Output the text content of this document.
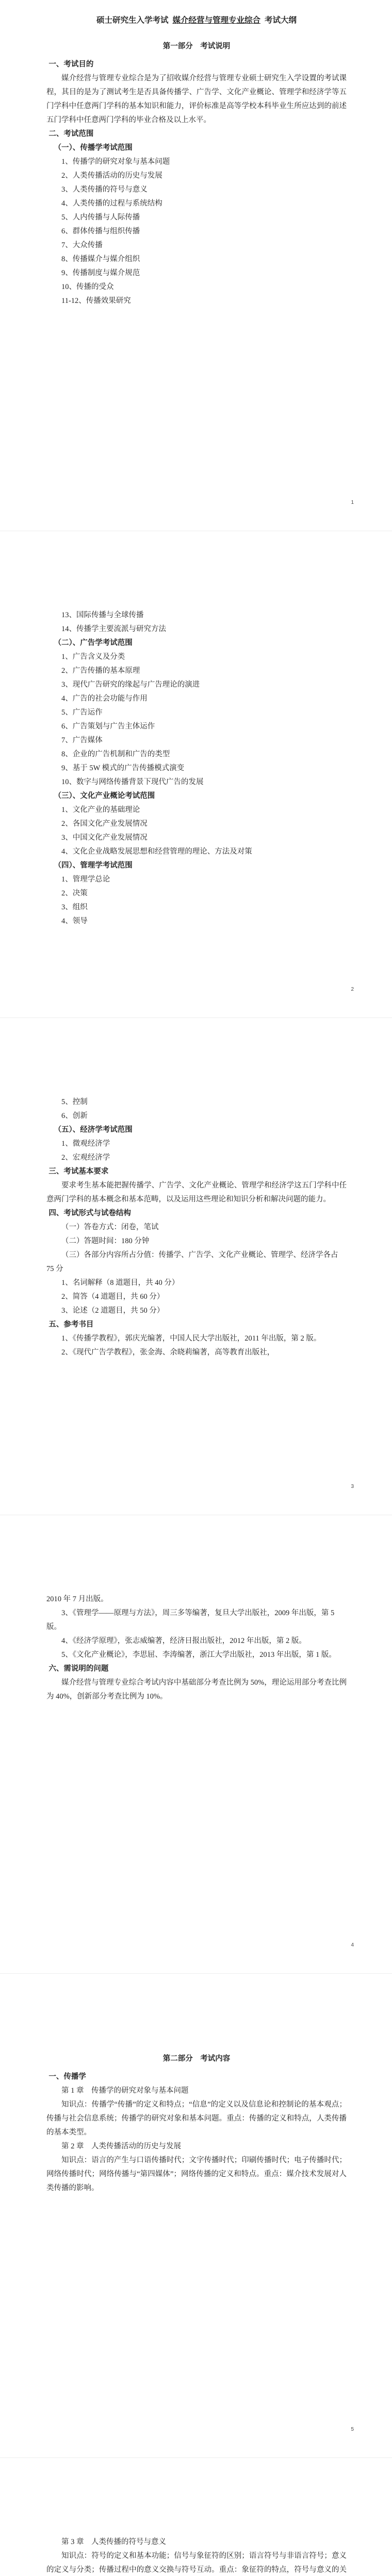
硕士研究生入学考试 媒介经营与管理专业综合 考试大纲
第一部分　考试说明
一、考试目的

媒介经营与管理专业综合是为了招收媒介经营与管理专业硕士研究生入学设置的考试课程，其目的是为了测试考生是否具备传播学、广告学、文化产业概论、管理学和经济学等五门学科中任意两门学科的基本知识和能力，评价标准是高等学校本科毕业生所应达到的前述五门学科中任意两门学科的毕业合格及以上水平。

二、考试范围
（一）、传播学考试范围
1、传播学的研究对象与基本问题
2、人类传播活动的历史与发展
3、人类传播的符号与意义
4、人类传播的过程与系统结构
5、人内传播与人际传播
6、群体传播与组织传播
7、大众传播
8、传播媒介与媒介组织
9、传播制度与媒介规范
10、传播的受众
11-12、传播效果研究
1
13、国际传播与全球传播
14、传播学主要流派与研究方法
（二）、广告学考试范围
1、广告含义及分类
2、广告传播的基本原理
3、现代广告研究的缘起与广告理论的演进
4、广告的社会功能与作用
5、广告运作
6、广告策划与广告主体运作
7、广告媒体
8、企业的广告机制和广告的类型
9、基于 5W 模式的广告传播模式演变
10、数字与网络传播背景下现代广告的发展
（三）、文化产业概论考试范围
1、文化产业的基础理论
2、各国文化产业发展情况
3、中国文化产业发展情况
4、文化企业战略发展思想和经营管理的理论、方法及对策
（四）、管理学考试范围
1、管理学总论
2、决策
3、组织
4、领导
2
5、控制
6、创新
（五）、经济学考试范围
1、微观经济学
2、宏观经济学
三、考试基本要求

要求考生基本能把握传播学、广告学、文化产业概论、管理学和经济学这五门学科中任意两门学科的基本概念和基本范畴，以及运用这些理论和知识分析和解决问题的能力。

四、考试形式与试卷结构
（一）答卷方式：闭卷，笔试
（二）答题时间：180 分钟
（三）各部分内容所占分值：传播学、广告学、文化产业概论、管理学、经济学各占 75 分
1、名词解释（8 道题目，共 40 分）
2、简答（4 道题目，共 60 分）
3、论述（2 道题目，共 50 分）
五、参考书目
1、《传播学教程》，郭庆光编著，中国人民大学出版社，2011 年出版，第 2 版。
2、《现代广告学教程》，张金海、余晓莉编著，高等教育出版社，
3
2010 年 7 月出版。
3、《管理学——原理与方法》，周三多等编著，复旦大学出版社，2009 年出版，第 5 版。
4、《经济学原理》，张志威编著，经济日报出版社，2012 年出版，第 2 版。
5、《文化产业概论》，李思屈、李涛编著，浙江大学出版社，2013 年出版，第 1 版。
六、需说明的问题

媒介经营与管理专业综合考试内容中基础部分考查比例为 50%，理论运用部分考查比例为 40%，创新部分考查比例为 10%。

4
第二部分　考试内容
一、传播学
第 1 章　传播学的研究对象与基本问题

知识点：传播学“传播”的定义和特点；“信息”的定义以及信息论和控制论的基本观点；传播与社会信息系统；传播学的研究对象和基本问题。重点：传播的定义和特点，人类传播的基本类型。

第 2 章　人类传播活动的历史与发展

知识点：语言的产生与口语传播时代；文字传播时代；印刷传播时代；电子传播时代；网络传播时代；网络传播与“第四媒体”；网络传播的定义和特点。重点：媒介技术发展对人类传播的影响。

5
第 3 章　人类传播的符号与意义

知识点：符号的定义和基本功能；信号与象征符的区别；语言符号与非语言符号；意义的定义与分类；传播过程中的意义交换与符号互动。重点：象征符的特点，符号与意义的关
